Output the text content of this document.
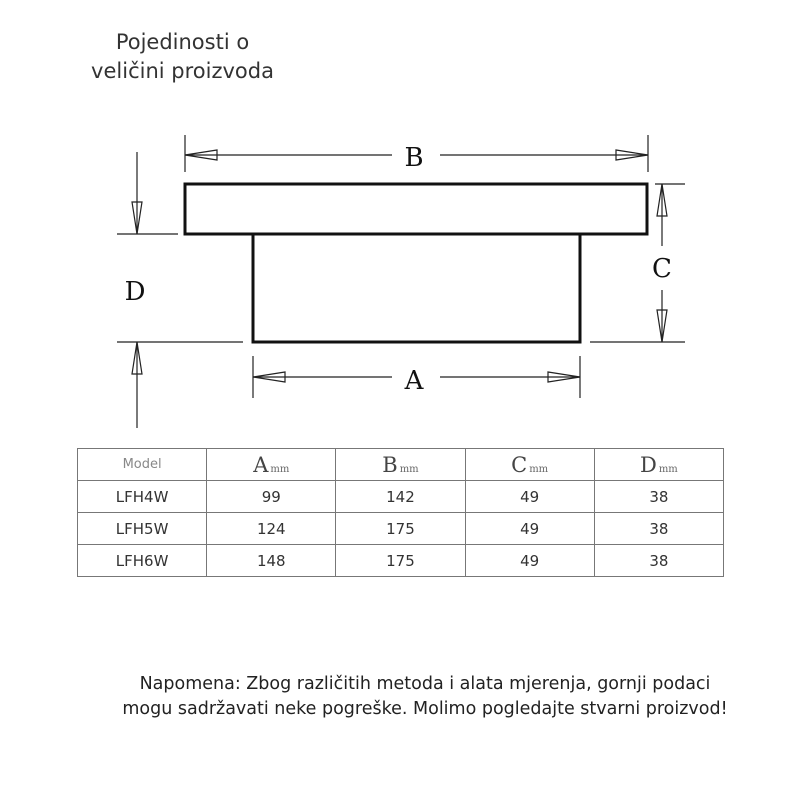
Pojedinosti o
veličini proizvoda
B
A
C
D
Model	A mm	B mm	C mm	D mm
LFH4W	99	142	49	38
LFH5W	124	175	49	38
LFH6W	148	175	49	38
Napomena: Zbog različitih metoda i alata mjerenja, gornji podaci
mogu sadržavati neke pogreške. Molimo pogledajte stvarni proizvod!
